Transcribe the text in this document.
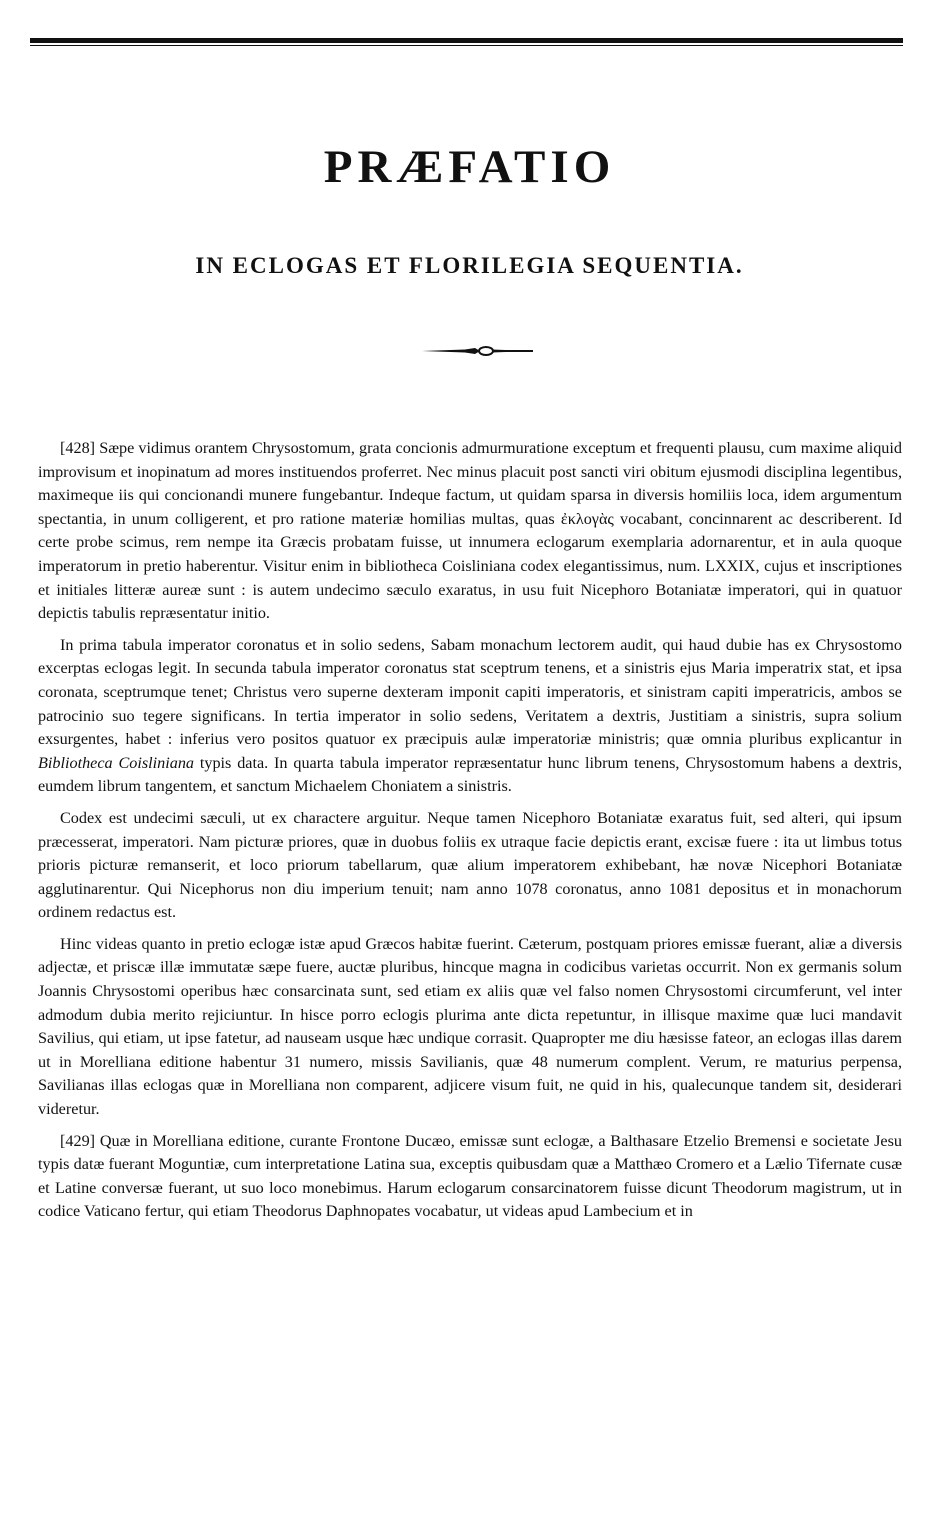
PRÆFATIO
IN ECLOGAS ET FLORILEGIA SEQUENTIA.

[428] Sæpe vidimus orantem Chrysostomum, grata concionis admurmuratione exceptum et frequenti plausu, cum maxime aliquid improvisum et inopinatum ad mores instituendos proferret. Nec minus placuit post sancti viri obitum ejusmodi disciplina legentibus, maximeque iis qui concionandi munere fungebantur. Indeque factum, ut quidam sparsa in diversis homiliis loca, idem argumentum spectantia, in unum colligerent, et pro ratione materiæ homilias multas, quas ἐκλογὰς vocabant, concinnarent ac describerent. Id certe probe scimus, rem nempe ita Græcis probatam fuisse, ut innumera eclogarum exemplaria adornarentur, et in aula quoque imperatorum in pretio haberentur. Visitur enim in bibliotheca Coisliniana codex elegantissimus, num. LXXIX, cujus et inscriptiones et initiales litteræ aureæ sunt : is autem undecimo sæculo exaratus, in usu fuit Nicephoro Botaniatæ imperatori, qui in quatuor depictis tabulis repræsentatur initio.

In prima tabula imperator coronatus et in solio sedens, Sabam monachum lectorem audit, qui haud dubie has ex Chrysostomo excerptas eclogas legit. In secunda tabula imperator coronatus stat sceptrum tenens, et a sinistris ejus Maria imperatrix stat, et ipsa coronata, sceptrumque tenet; Christus vero superne dexteram imponit capiti imperatoris, et sinistram capiti imperatricis, ambos se patrocinio suo tegere significans. In tertia imperator in solio sedens, Veritatem a dextris, Justitiam a sinistris, supra solium exsurgentes, habet : inferius vero positos quatuor ex præcipuis aulæ imperatoriæ ministris; quæ omnia pluribus explicantur in Bibliotheca Coisliniana typis data. In quarta tabula imperator repræsentatur hunc librum tenens, Chrysostomum habens a dextris, eumdem librum tangentem, et sanctum Michaelem Choniatem a sinistris.

Codex est undecimi sæculi, ut ex charactere arguitur. Neque tamen Nicephoro Botaniatæ exaratus fuit, sed alteri, qui ipsum præcesserat, imperatori. Nam picturæ priores, quæ in duobus foliis ex utraque facie depictis erant, excisæ fuere : ita ut limbus totus prioris picturæ remanserit, et loco priorum tabellarum, quæ alium imperatorem exhibebant, hæ novæ Nicephori Botaniatæ agglutinarentur. Qui Nicephorus non diu imperium tenuit; nam anno 1078 coronatus, anno 1081 depositus et in monachorum ordinem redactus est.

Hinc videas quanto in pretio eclogæ istæ apud Græcos habitæ fuerint. Cæterum, postquam priores emissæ fuerant, aliæ a diversis adjectæ, et priscæ illæ immutatæ sæpe fuere, auctæ pluribus, hincque magna in codicibus varietas occurrit. Non ex germanis solum Joannis Chrysostomi operibus hæc consarcinata sunt, sed etiam ex aliis quæ vel falso nomen Chrysostomi circumferunt, vel inter admodum dubia merito rejiciuntur. In hisce porro eclogis plurima ante dicta repetuntur, in illisque maxime quæ luci mandavit Savilius, qui etiam, ut ipse fatetur, ad nauseam usque hæc undique corrasit. Quapropter me diu hæsisse fateor, an eclogas illas darem ut in Morelliana editione habentur 31 numero, missis Savilianis, quæ 48 numerum complent. Verum, re maturius perpensa, Savilianas illas eclogas quæ in Morelliana non comparent, adjicere visum fuit, ne quid in his, qualecunque tandem sit, desiderari videretur.

[429] Quæ in Morelliana editione, curante Frontone Ducæo, emissæ sunt eclogæ, a Balthasare Etzelio Bremensi e societate Jesu typis datæ fuerant Moguntiæ, cum interpretatione Latina sua, exceptis quibusdam quæ a Matthæo Cromero et a Lælio Tifernate cusæ et Latine conversæ fuerant, ut suo loco monebimus. Harum eclogarum consarcinatorem fuisse dicunt Theodorum magistrum, ut in codice Vaticano fertur, qui etiam Theodorus Daphnopates vocabatur, ut videas apud Lambecium et in
